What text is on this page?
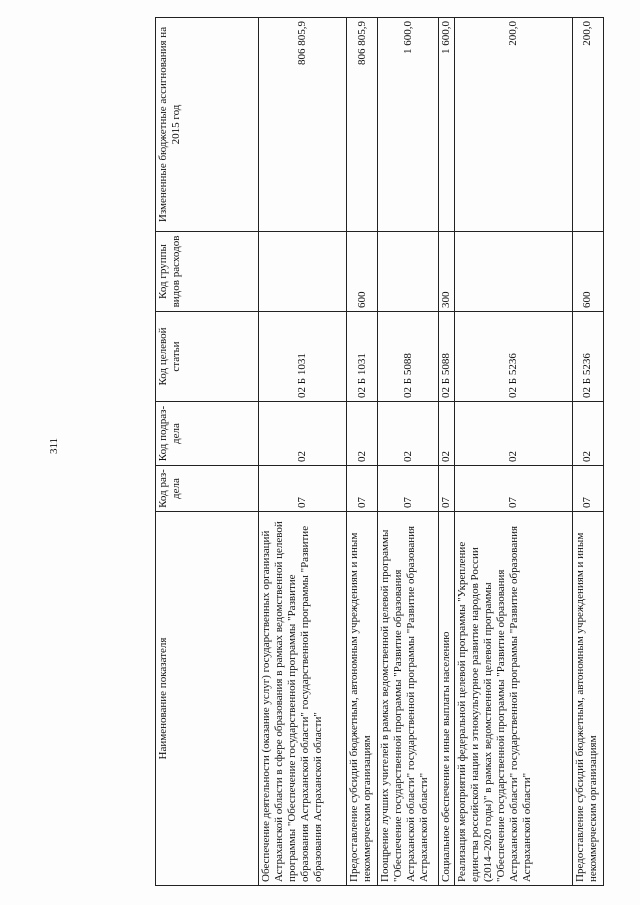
311
Наименование показателя	Код раз-дела	Код подраз-дела	Код целевой статьи	Код группы видов расходов	Измененные бюджетные ассигнования на 2015 год
Обеспечение деятельности (оказание услуг) государственных организаций Астраханской области в сфере образования в рамках ведомственной целевой программы "Обеспечение государственной программы "Развитие образования Астраханской области" государственной программы "Развитие образования Астраханской области"	07	02	02 Б 1031		806 805,9
Предоставление субсидий бюджетным, автономным учреждениям и иным некоммерческим организациям	07	02	02 Б 1031	600	806 805,9
Поощрение лучших учителей в рамках ведомственной целевой программы "Обеспечение государственной программы "Развитие образования Астраханской области" государственной программы "Развитие образования Астраханской области"	07	02	02 Б 5088		1 600,0
Социальное обеспечение и иные выплаты населению	07	02	02 Б 5088	300	1 600,0
Реализация мероприятий федеральной целевой программы "Укрепление единства российской нации и этнокультурное развитие народов России (2014–2020 годы)" в рамках ведомственной целевой программы "Обеспечение государственной программы "Развитие образования Астраханской области" государственной программы "Развитие образования Астраханской области"	07	02	02 Б 5236		200,0
Предоставление субсидий бюджетным, автономным учреждениям и иным некоммерческим организациям	07	02	02 Б 5236	600	200,0
